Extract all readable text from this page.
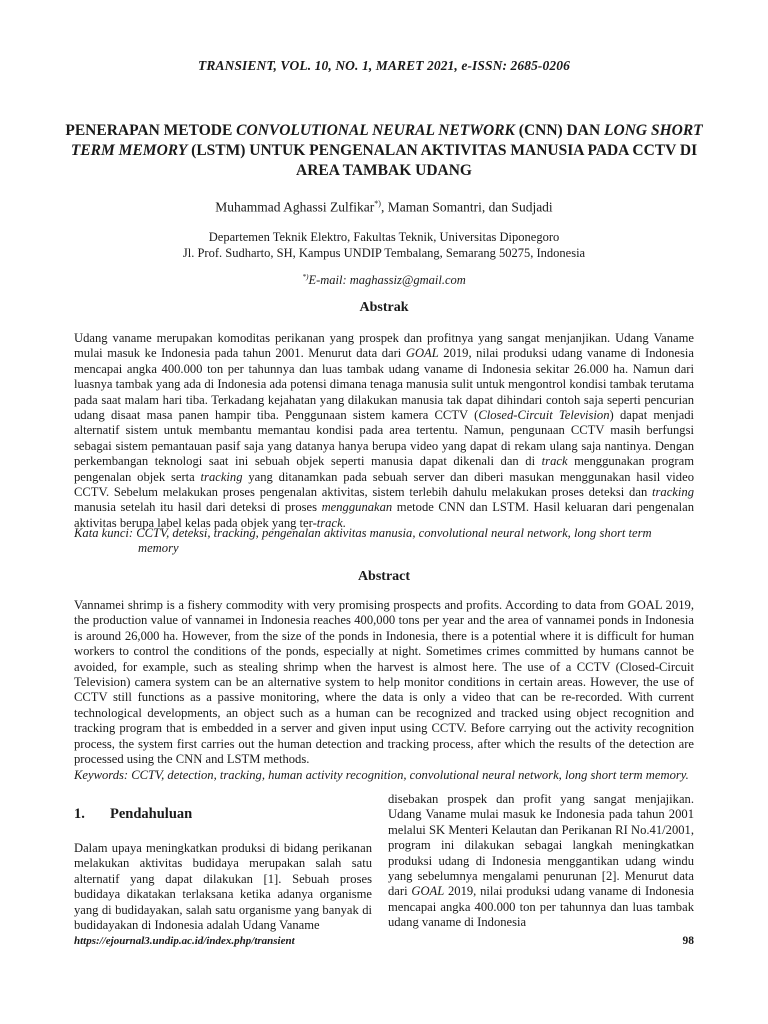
TRANSIENT, VOL. 10, NO. 1, MARET 2021, e-ISSN: 2685-0206
PENERAPAN METODE CONVOLUTIONAL NEURAL NETWORK (CNN) DAN LONG SHORT TERM MEMORY (LSTM) UNTUK PENGENALAN AKTIVITAS MANUSIA PADA CCTV DI AREA TAMBAK UDANG
Muhammad Aghassi Zulfikar*), Maman Somantri, dan Sudjadi
Departemen Teknik Elektro, Fakultas Teknik, Universitas Diponegoro
Jl. Prof. Sudharto, SH, Kampus UNDIP Tembalang, Semarang 50275, Indonesia
*)E-mail: maghassiz@gmail.com
Abstrak
Udang vaname merupakan komoditas perikanan yang prospek dan profitnya yang sangat menjanjikan. Udang Vaname mulai masuk ke Indonesia pada tahun 2001. Menurut data dari GOAL 2019, nilai produksi udang vaname di Indonesia mencapai angka 400.000 ton per tahunnya dan luas tambak udang vaname di Indonesia sekitar 26.000 ha. Namun dari luasnya tambak yang ada di Indonesia ada potensi dimana tenaga manusia sulit untuk mengontrol kondisi tambak terutama pada saat malam hari tiba. Terkadang kejahatan yang dilakukan manusia tak dapat dihindari contoh saja seperti pencurian udang disaat masa panen hampir tiba. Penggunaan sistem kamera CCTV (Closed-Circuit Television) dapat menjadi alternatif sistem untuk membantu memantau kondisi pada area tertentu. Namun, pengunaan CCTV masih berfungsi sebagai sistem pemantauan pasif saja yang datanya hanya berupa video yang dapat di rekam ulang saja nantinya. Dengan perkembangan teknologi saat ini sebuah objek seperti manusia dapat dikenali dan di track menggunakan program pengenalan objek serta tracking yang ditanamkan pada sebuah server dan diberi masukan menggunakan hasil video CCTV. Sebelum melakukan proses pengenalan aktivitas, sistem terlebih dahulu melakukan proses deteksi dan tracking manusia setelah itu hasil dari deteksi di proses menggunakan metode CNN dan LSTM. Hasil keluaran dari pengenalan aktivitas berupa label kelas pada objek yang ter-track.
Kata kunci: CCTV, deteksi, tracking, pengenalan aktivitas manusia, convolutional neural network, long short term
memory
Abstract
Vannamei shrimp is a fishery commodity with very promising prospects and profits. According to data from GOAL 2019, the production value of vannamei in Indonesia reaches 400,000 tons per year and the area of vannamei ponds in Indonesia is around 26,000 ha. However, from the size of the ponds in Indonesia, there is a potential where it is difficult for human workers to control the conditions of the ponds, especially at night. Sometimes crimes committed by humans cannot be avoided, for example, such as stealing shrimp when the harvest is almost here. The use of a CCTV (Closed-Circuit Television) camera system can be an alternative system to help monitor conditions in certain areas. However, the use of CCTV still functions as a passive monitoring, where the data is only a video that can be re-recorded. With current technological developments, an object such as a human can be recognized and tracked using object recognition and tracking program that is embedded in a server and given input using CCTV. Before carrying out the activity recognition process, the system first carries out the human detection and tracking process, after which the results of the detection are processed using the CNN and LSTM methods.
Keywords: CCTV, detection, tracking, human activity recognition, convolutional neural network, long short term memory.
1.	Pendahuluan

Dalam upaya meningkatkan produksi di bidang perikanan melakukan aktivitas budidaya merupakan salah satu alternatif yang dapat dilakukan [1]. Sebuah proses budidaya dikatakan terlaksana ketika adanya organisme yang di budidayakan, salah satu organisme yang banyak di budidayakan di Indonesia adalah Udang Vaname

disebakan prospek dan profit yang sangat menjajikan. Udang Vaname mulai masuk ke Indonesia pada tahun 2001 melalui SK Menteri Kelautan dan Perikanan RI No.41/2001, program ini dilakukan sebagai langkah meningkatkan produksi udang di Indonesia menggantikan udang windu yang sebelumnya mengalami penurunan [2]. Menurut data dari GOAL 2019, nilai produksi udang vaname di Indonesia mencapai angka 400.000 ton per tahunnya dan luas tambak udang vaname di Indonesia

https://ejournal3.undip.ac.id/index.php/transient	98
